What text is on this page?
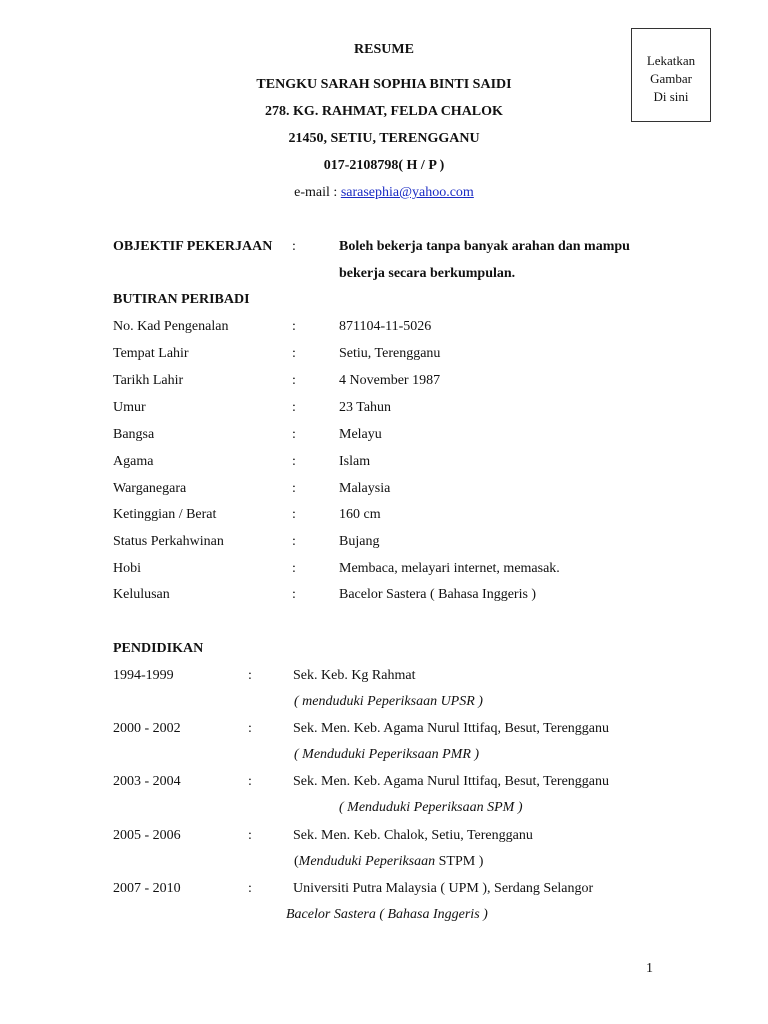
Lekatkan
Gambar
Di sini
RESUME
TENGKU SARAH SOPHIA BINTI SAIDI
278. KG. RAHMAT, FELDA CHALOK
21450, SETIU, TERENGGANU
017-2108798( H / P )
e-mail : sarasephia@yahoo.com
OBJEKTIF PEKERJAAN :	Boleh bekerja tanpa banyak arahan dan mampu
bekerja secara berkumpulan.
BUTIRAN PERIBADI
No. Kad Pengenalan	:	871104-11-5026
Tempat Lahir	:	Setiu, Terengganu
Tarikh Lahir	:	4 November 1987
Umur	:	23 Tahun
Bangsa	:	Melayu
Agama	:	Islam
Warganegara	:	Malaysia
Ketinggian / Berat	:	160 cm
Status Perkahwinan	:	Bujang
Hobi	:	Membaca, melayari internet, memasak.
Kelulusan	:	Bacelor Sastera ( Bahasa Inggeris )
PENDIDIKAN
1994-1999	:	Sek. Keb. Kg Rahmat
( menduduki Peperiksaan UPSR )
2000 - 2002	:	Sek. Men. Keb. Agama Nurul Ittifaq, Besut, Terengganu
( Menduduki Peperiksaan PMR )
2003 - 2004	:	Sek. Men. Keb. Agama Nurul Ittifaq, Besut, Terengganu
( Menduduki Peperiksaan SPM )
2005 - 2006	:	Sek. Men. Keb. Chalok, Setiu, Terengganu
(Menduduki Peperiksaan STPM )
2007 - 2010	:	Universiti Putra Malaysia ( UPM ), Serdang Selangor
Bacelor Sastera ( Bahasa Inggeris )
1
